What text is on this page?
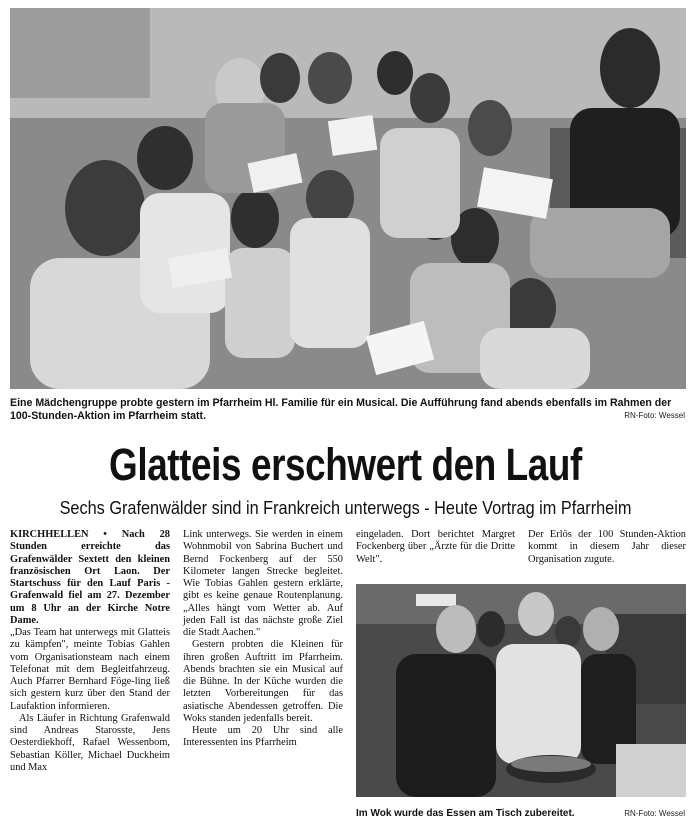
Eine Mädchengruppe probte gestern im Pfarrheim Hl. Familie für ein Musical. Die Aufführung fand abends ebenfalls im Rahmen der 100-Stunden-Aktion im Pfarrheim statt.	RN-Foto: Wessel
Glatteis erschwert den Lauf
Sechs Grafenwälder sind in Frankreich unterwegs - Heute Vortrag im Pfarrheim

KIRCHHELLEN • Nach 28 Stunden erreichte das Grafenwälder Sextett den kleinen französischen Ort Laon. Der Startschuss für den Lauf Paris - Grafenwald fiel am 27. Dezember um 8 Uhr an der Kirche Notre Dame.

„Das Team hat unterwegs mit Glatteis zu kämpfen", meinte Tobias Gahlen vom Organisationsteam nach einem Telefonat mit dem Begleitfahrzeug. Auch Pfarrer Bernhard Föge-ling ließ sich gestern kurz über den Stand der Laufaktion informieren.

Als Läufer in Richtung Grafenwald sind Andreas Starosste, Jens Oesterdiekhoff, Rafael Wessenbom, Sebastian Köller, Michael Duckheim und Max

Link unterwegs. Sie werden in einem Wohnmobil von Sabrina Buchert und Bernd Fockenberg auf der 550 Kilometer langen Strecke begleitet. Wie Tobias Gahlen gestern erklärte, gibt es keine genaue Routenplanung. „Alles hängt vom Wetter ab. Auf jeden Fall ist das nächste große Ziel die Stadt Aachen."

Gestern probten die Kleinen für ihren großen Auftritt im Pfarrheim. Abends brachten sie ein Musical auf die Bühne. In der Küche wurden die letzten Vorbereitungen für das asiatische Abendessen getroffen. Die Woks standen jedenfalls bereit.

Heute um 20 Uhr sind alle Interessenten ins Pfarrheim

eingeladen. Dort berichtet Margret Fockenberg über „Ärzte für die Dritte Welt".

Der Erlös der 100 Stunden-Aktion kommt in diesem Jahr dieser Organisation zugute.

Im Wok wurde das Essen am Tisch zubereitet.	RN-Foto: Wessel
